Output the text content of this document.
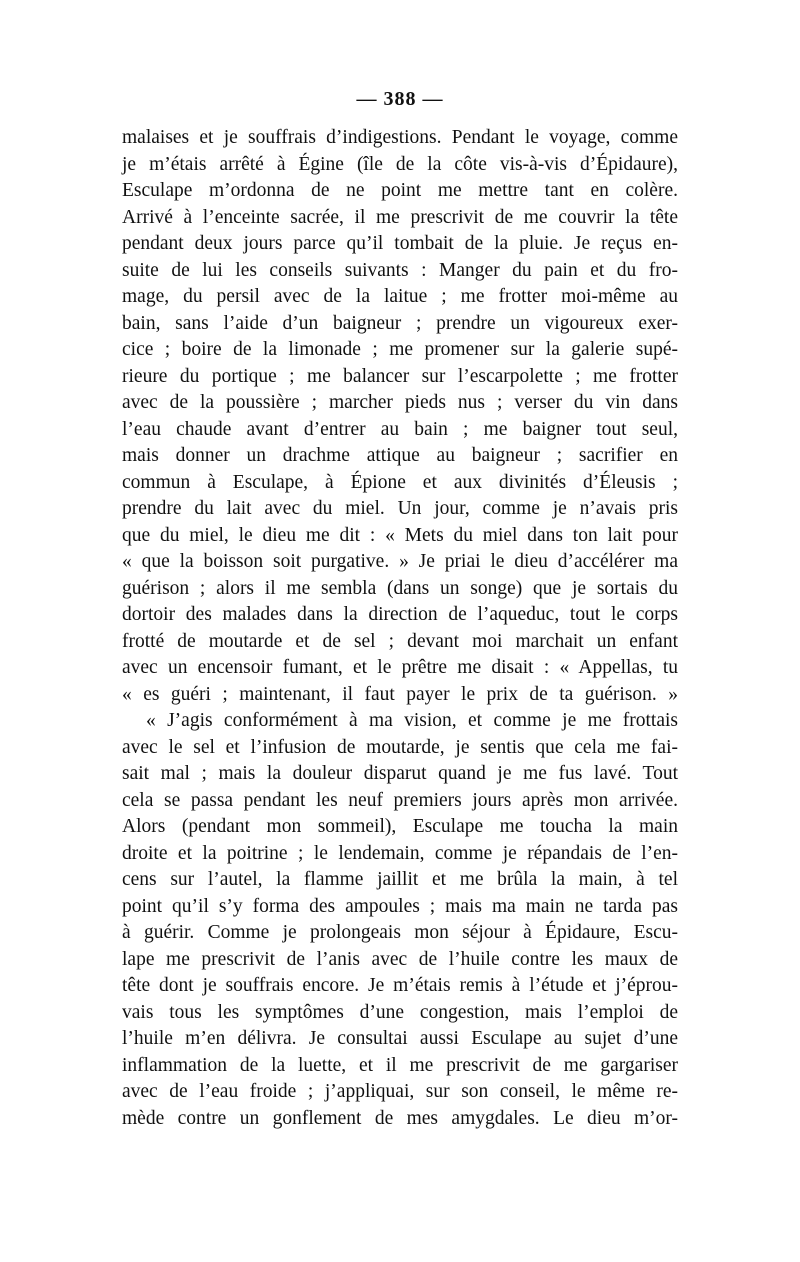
— 388 —
malaises et je souffrais d’indigestions. Pendant le voyage, comme
je m’étais arrêté à Égine (île de la côte vis-à-vis d’Épidaure),
Esculape m’ordonna de ne point me mettre tant en colère.
Arrivé à l’enceinte sacrée, il me prescrivit de me couvrir la tête
pendant deux jours parce qu’il tombait de la pluie. Je reçus en-
suite de lui les conseils suivants : Manger du pain et du fro-
mage, du persil avec de la laitue ; me frotter moi-même au
bain, sans l’aide d’un baigneur ; prendre un vigoureux exer-
cice ; boire de la limonade ; me promener sur la galerie supé-
rieure du portique ; me balancer sur l’escarpolette ; me frotter
avec de la poussière ; marcher pieds nus ; verser du vin dans
l’eau chaude avant d’entrer au bain ; me baigner tout seul,
mais donner un drachme attique au baigneur ; sacrifier en
commun à Esculape, à Épione et aux divinités d’Éleusis ;
prendre du lait avec du miel. Un jour, comme je n’avais pris
que du miel, le dieu me dit : « Mets du miel dans ton lait pour
« que la boisson soit purgative. » Je priai le dieu d’accélérer ma
guérison ; alors il me sembla (dans un songe) que je sortais du
dortoir des malades dans la direction de l’aqueduc, tout le corps
frotté de moutarde et de sel ; devant moi marchait un enfant
avec un encensoir fumant, et le prêtre me disait : « Appellas, tu
« es guéri ; maintenant, il faut payer le prix de ta guérison. »
« J’agis conformément à ma vision, et comme je me frottais
avec le sel et l’infusion de moutarde, je sentis que cela me fai-
sait mal ; mais la douleur disparut quand je me fus lavé. Tout
cela se passa pendant les neuf premiers jours après mon arrivée.
Alors (pendant mon sommeil), Esculape me toucha la main
droite et la poitrine ; le lendemain, comme je répandais de l’en-
cens sur l’autel, la flamme jaillit et me brûla la main, à tel
point qu’il s’y forma des ampoules ; mais ma main ne tarda pas
à guérir. Comme je prolongeais mon séjour à Épidaure, Escu-
lape me prescrivit de l’anis avec de l’huile contre les maux de
tête dont je souffrais encore. Je m’étais remis à l’étude et j’éprou-
vais tous les symptômes d’une congestion, mais l’emploi de
l’huile m’en délivra. Je consultai aussi Esculape au sujet d’une
inflammation de la luette, et il me prescrivit de me gargariser
avec de l’eau froide ; j’appliquai, sur son conseil, le même re-
mède contre un gonflement de mes amygdales. Le dieu m’or-
